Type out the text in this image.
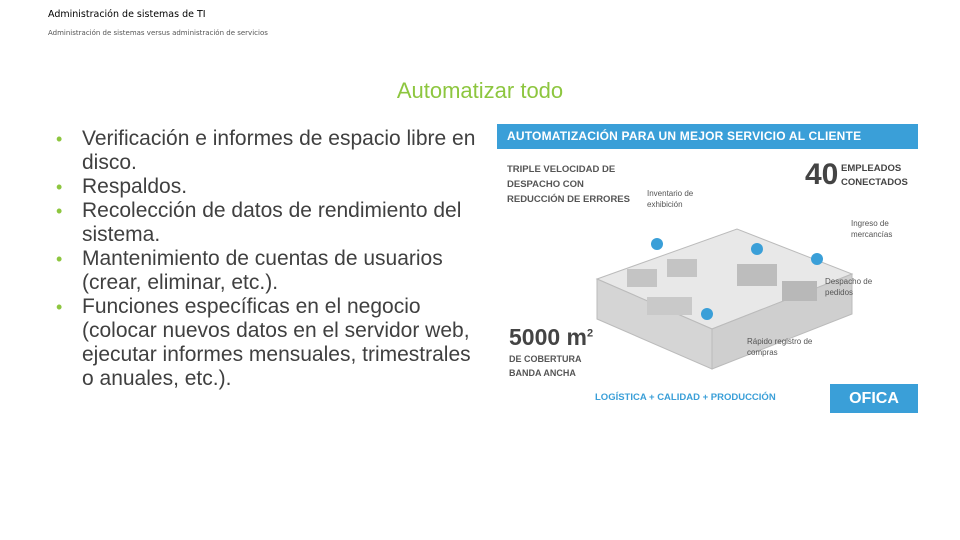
Administración de sistemas de TI
Administración de sistemas versus administración de servicios
Automatizar todo
• Verificación e informes de espacio libre en disco.
• Respaldos.
• Recolección de datos de rendimiento del sistema.
• Mantenimiento de cuentas de usuarios (crear, eliminar, etc.).
• Funciones específicas en el negocio (colocar nuevos datos en el servidor web, ejecutar informes mensuales, trimestrales o anuales, etc.).
AUTOMATIZACIÓN PARA UN MEJOR SERVICIO AL CLIENTE
TRIPLE VELOCIDAD DE DESPACHO CON REDUCCIÓN DE ERRORES
40 EMPLEADOS CONECTADOS
Inventario de exhibición
Ingreso de mercancías
Despacho de pedidos
Rápido registro de compras
5000 $m^2$
DE COBERTURA BANDA ANCHA
LOGÍSTICA + CALIDAD + PRODUCCIÓN	OFICA
